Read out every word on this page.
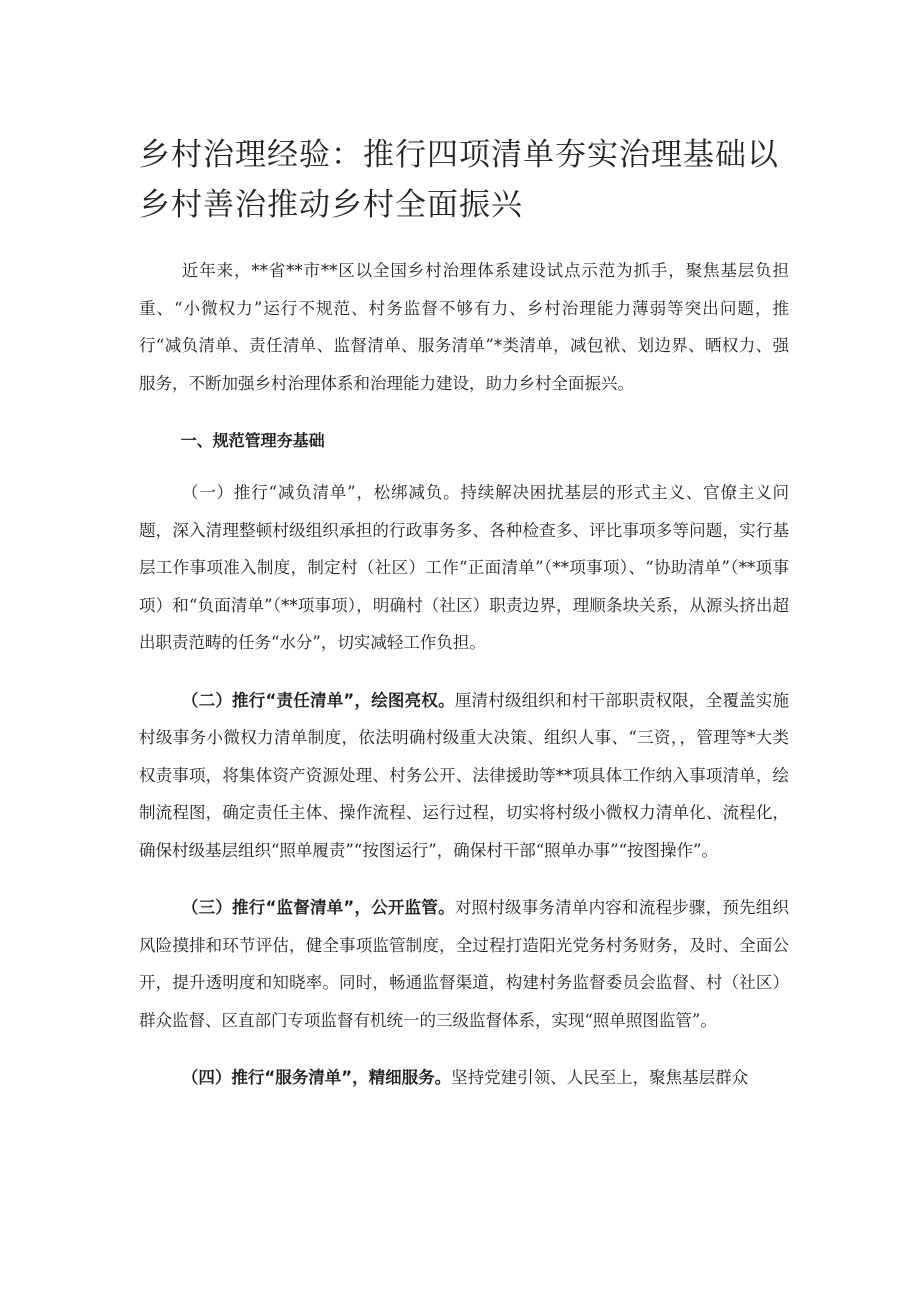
乡村治理经验：推行四项清单夯实治理基础以乡村善治推动乡村全面振兴

近年来，**省**市**区以全国乡村治理体系建设试点示范为抓手，聚焦基层负担重、“小微权力”运行不规范、村务监督不够有力、乡村治理能力薄弱等突出问题，推行“减负清单、责任清单、监督清单、服务清单”*类清单，减包袱、划边界、晒权力、强服务，不断加强乡村治理体系和治理能力建设，助力乡村全面振兴。

一、规范管理夯基础

（一）推行“减负清单”，松绑减负。持续解决困扰基层的形式主义、官僚主义问题，深入清理整顿村级组织承担的行政事务多、各种检查多、评比事项多等问题，实行基层工作事项准入制度，制定村（社区）工作“正面清单”（**项事项）、“协助清单”（**项事项）和“负面清单”（**项事项），明确村（社区）职责边界，理顺条块关系，从源头挤出超出职责范畴的任务“水分”，切实减轻工作负担。

（二）推行“责任清单”，绘图亮权。厘清村级组织和村干部职责权限，全覆盖实施村级事务小微权力清单制度，依法明确村级重大决策、组织人事、“三资，，管理等*大类权责事项，将集体资产资源处理、村务公开、法律援助等**项具体工作纳入事项清单，绘制流程图，确定责任主体、操作流程、运行过程，切实将村级小微权力清单化、流程化，确保村级基层组织“照单履责”“按图运行”，确保村干部“照单办事”“按图操作”。

（三）推行“监督清单”，公开监管。对照村级事务清单内容和流程步骤，预先组织风险摸排和环节评估，健全事项监管制度，全过程打造阳光党务村务财务，及时、全面公开，提升透明度和知晓率。同时，畅通监督渠道，构建村务监督委员会监督、村（社区）群众监督、区直部门专项监督有机统一的三级监督体系，实现“照单照图监管”。

（四）推行“服务清单”，精细服务。坚持党建引领、人民至上，聚焦基层群众
